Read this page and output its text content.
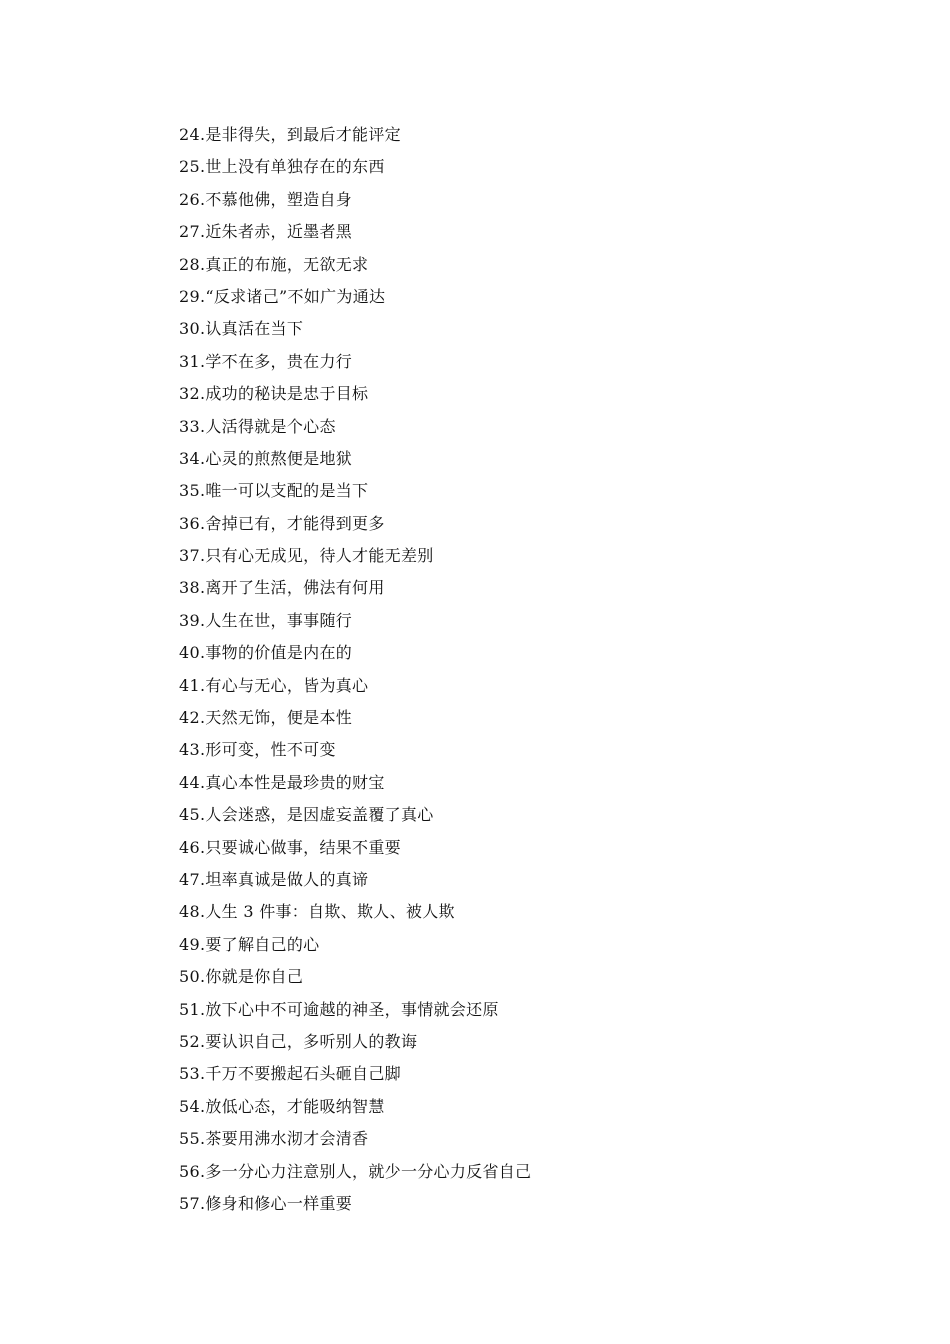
24.是非得失，到最后才能评定
25.世上没有单独存在的东西
26.不慕他佛，塑造自身
27.近朱者赤，近墨者黑
28.真正的布施，无欲无求
29.“反求诸己”不如广为通达
30.认真活在当下
31.学不在多，贵在力行
32.成功的秘诀是忠于目标
33.人活得就是个心态
34.心灵的煎熬便是地狱
35.唯一可以支配的是当下
36.舍掉已有，才能得到更多
37.只有心无成见，待人才能无差别
38.离开了生活，佛法有何用
39.人生在世，事事随行
40.事物的价值是内在的
41.有心与无心，皆为真心
42.天然无饰，便是本性
43.形可变，性不可变
44.真心本性是最珍贵的财宝
45.人会迷惑，是因虚妄盖覆了真心
46.只要诚心做事，结果不重要
47.坦率真诚是做人的真谛
48.人生 3 件事：自欺、欺人、被人欺
49.要了解自己的心
50.你就是你自己
51.放下心中不可逾越的神圣，事情就会还原
52.要认识自己，多听别人的教诲
53.千万不要搬起石头砸自己脚
54.放低心态，才能吸纳智慧
55.茶要用沸水沏才会清香
56.多一分心力注意别人，就少一分心力反省自己
57.修身和修心一样重要
